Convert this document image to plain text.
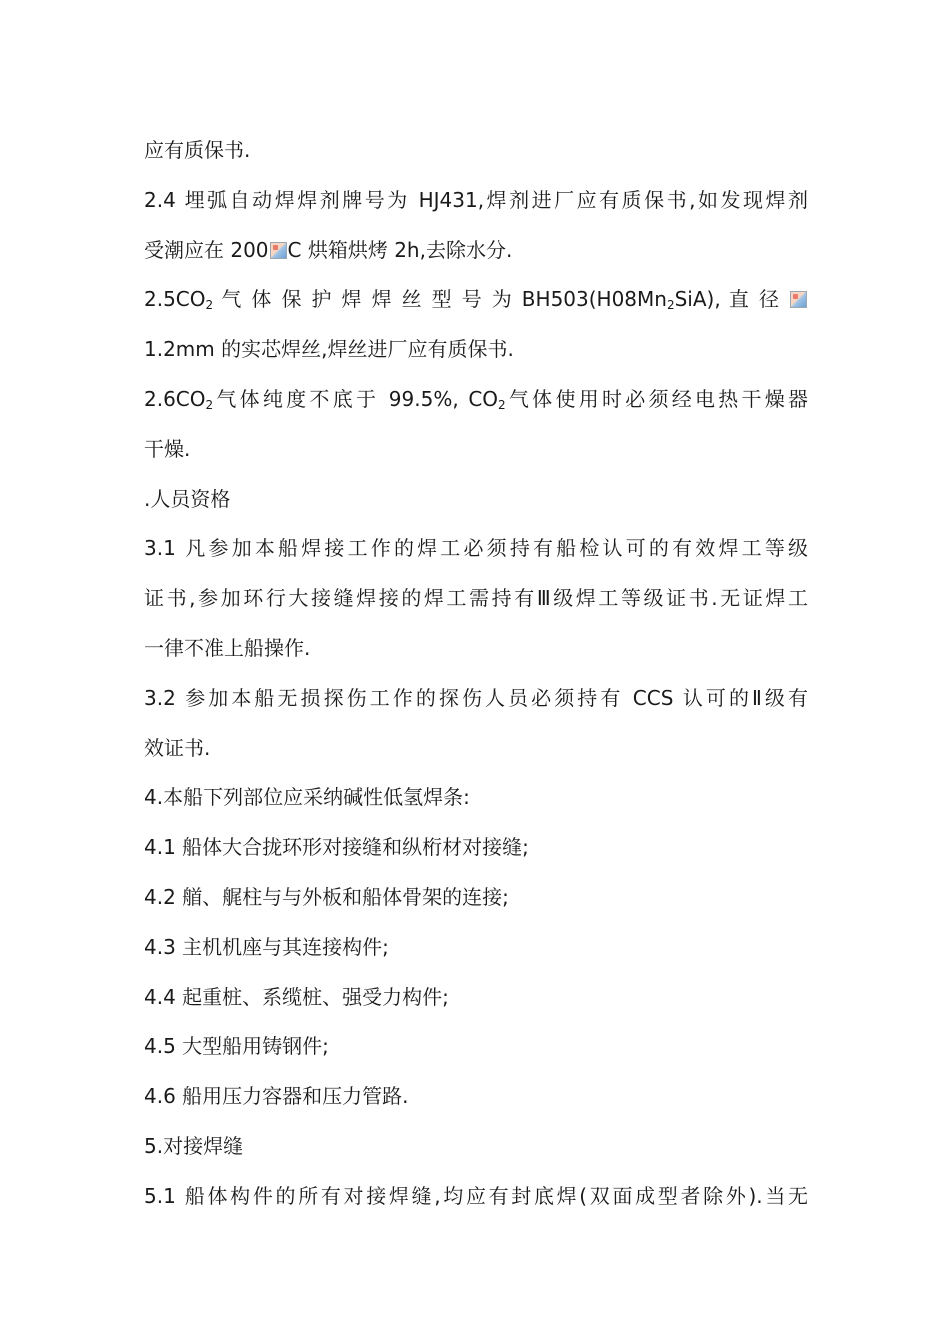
应有质保书.
2.4 埋弧自动焊焊剂牌号为 HJ431,焊剂进厂应有质保书,如发现焊剂
受潮应在 200 C 烘箱烘烤 2h,去除水分.
$2.5CO_2$ 气 体 保 护 焊 焊 丝 型 号 为 $BH503(H08Mn_2SiA)$, 直 径
1.2mm 的实芯焊丝,焊丝进厂应有质保书.
$2.6CO_2$气体纯度不底于 99.5%, $CO_2$气体使用时必须经电热干燥器
干燥.
.人员资格
3.1 凡参加本船焊接工作的焊工必须持有船检认可的有效焊工等级
证书,参加环行大接缝焊接的焊工需持有Ⅲ级焊工等级证书.无证焊工
一律不准上船操作.
3.2 参加本船无损探伤工作的探伤人员必须持有 CCS 认可的Ⅱ级有
效证书.
4.本船下列部位应采纳碱性低氢焊条:
4.1 船体大合拢环形对接缝和纵桁材对接缝;
4.2 艏、艉柱与与外板和船体骨架的连接;
4.3 主机机座与其连接构件;
4.4 起重桩、系缆桩、强受力构件;
4.5 大型船用铸钢件;
4.6 船用压力容器和压力管路.
5.对接焊缝
5.1 船体构件的所有对接焊缝,均应有封底焊(双面成型者除外).当无
